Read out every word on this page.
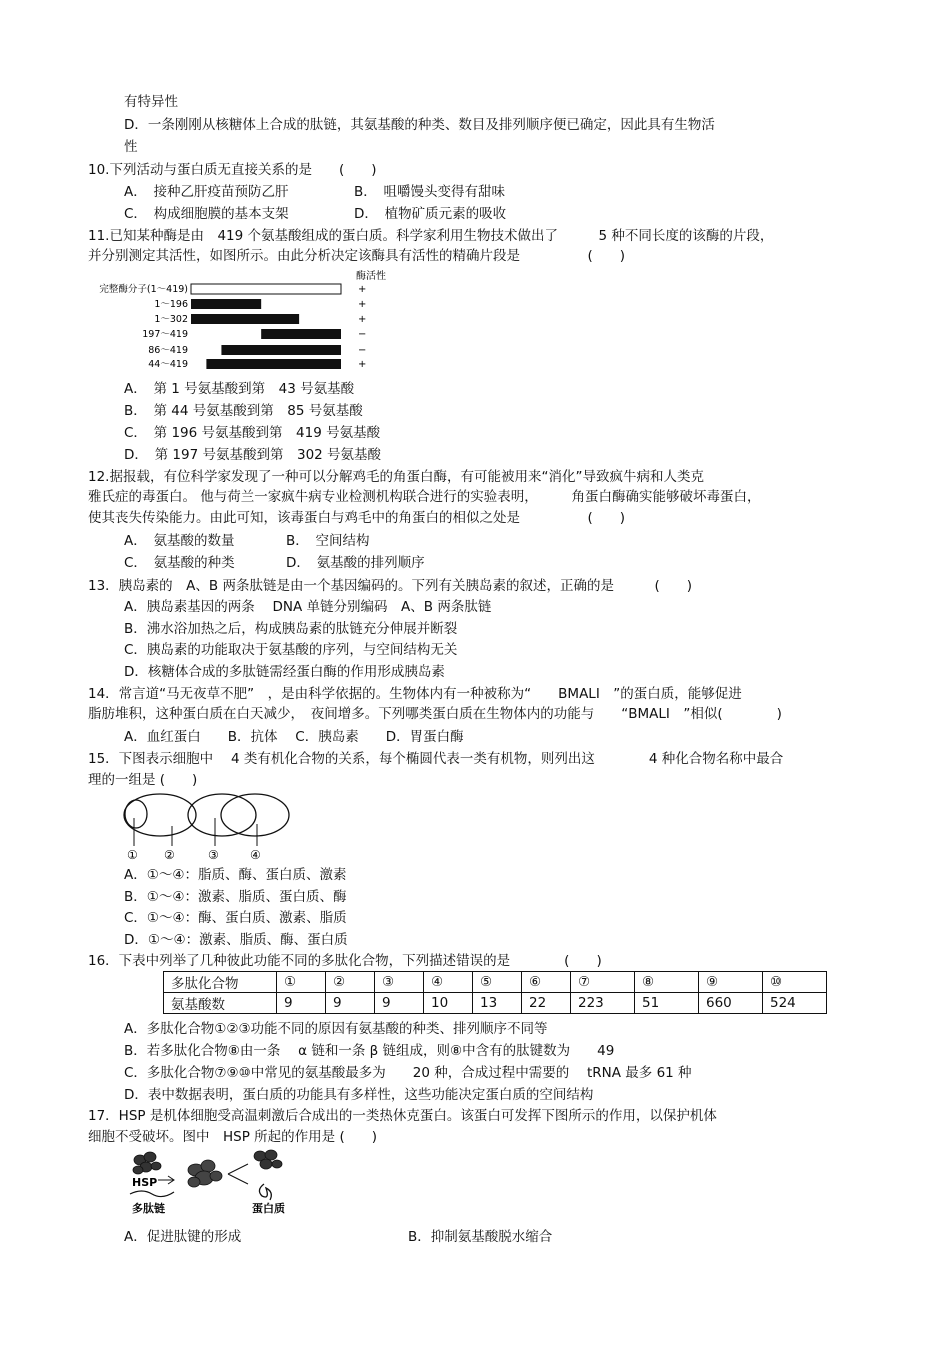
有特异性
D．一条刚刚从核糖体上合成的肽链，其氨基酸的种类、数目及排列顺序便已确定，因此具有生物活
性
10.下列活动与蛋白质无直接关系的是　　(　　)
A．　接种乙肝疫苗预防乙肝	B．　咀嚼馒头变得有甜味
C．　构成细胞膜的基本支架	D．　植物矿质元素的吸收
11.已知某种酶是由　419 个氨基酸组成的蛋白质。科学家利用生物技术做出了　　　5 种不同长度的该酶的片段，
并分别测定其活性，如图所示。由此分析决定该酶具有活性的精确片段是　　　　　(　　)
酶活性
完整酶分子(1～419)	+
1～196	+
1～302	+
197～419	−
86～419	−
44～419	+
A．　第 1 号氨基酸到第　43 号氨基酸
B．　第 44 号氨基酸到第　85 号氨基酸
C．　第 196 号氨基酸到第　419 号氨基酸
D．　第 197 号氨基酸到第　302 号氨基酸
12.据报载，有位科学家发现了一种可以分解鸡毛的角蛋白酶，有可能被用来“消化”导致疯牛病和人类克
雅氏症的毒蛋白。 他与荷兰一家疯牛病专业检测机构联合进行的实验表明，　　　角蛋白酶确实能够破坏毒蛋白，
使其丧失传染能力。由此可知，该毒蛋白与鸡毛中的角蛋白的相似之处是　　　　　(　　)
A．　氨基酸的数量	B．　空间结构
C．　氨基酸的种类	D．　氨基酸的排列顺序
13．胰岛素的　A、B 两条肽链是由一个基因编码的。下列有关胰岛素的叙述，正确的是　　　(　　)
A．胰岛素基因的两条　 DNA 单链分别编码　A、B 两条肽链
B．沸水浴加热之后，构成胰岛素的肽链充分伸展并断裂
C．胰岛素的功能取决于氨基酸的序列，与空间结构无关
D．核糖体合成的多肽链需经蛋白酶的作用形成胰岛素
14．常言道“马无夜草不肥”　，是由科学依据的。生物体内有一种被称为“　　BMALI　”的蛋白质，能够促进
脂肪堆积，这种蛋白质在白天减少，　夜间增多。下列哪类蛋白质在生物体内的功能与　　“BMALI　”相似(　　　　)
A．血红蛋白　　B．抗体　 C．胰岛素　　D．胃蛋白酶
15．下图表示细胞中　 4 类有机化合物的关系，每个椭圆代表一类有机物，则列出这　　　　4 种化合物名称中最合
理的一组是 (　　)
① ②	③	④
A．①～④：脂质、酶、蛋白质、激素
B．①～④：激素、脂质、蛋白质、酶
C．①～④：酶、蛋白质、激素、脂质
D．①～④：激素、脂质、酶、蛋白质
16．下表中列举了几种彼此功能不同的多肽化合物，下列描述错误的是　　　　(　　)
多肽化合物	①	②	③	④	⑤	⑥	⑦	⑧	⑨	⑩
氨基酸数	9	9	9	10	13	22	223	51	660	524
A．多肽化合物①②③功能不同的原因有氨基酸的种类、排列顺序不同等
B．若多肽化合物⑧由一条　 α 链和一条 β 链组成，则⑧中含有的肽键数为　　49
C．多肽化合物⑦⑨⑩中常见的氨基酸最多为　　20 种，合成过程中需要的　 tRNA 最多 61 种
D．表中数据表明，蛋白质的功能具有多样性，这些功能决定蛋白质的空间结构
17．HSP 是机体细胞受高温刺激后合成出的一类热休克蛋白。该蛋白可发挥下图所示的作用，以保护机体
细胞不受破坏。图中　HSP 所起的作用是 (　　)
HSP
多肽链	蛋白质
A．促进肽键的形成	B．抑制氨基酸脱水缩合
